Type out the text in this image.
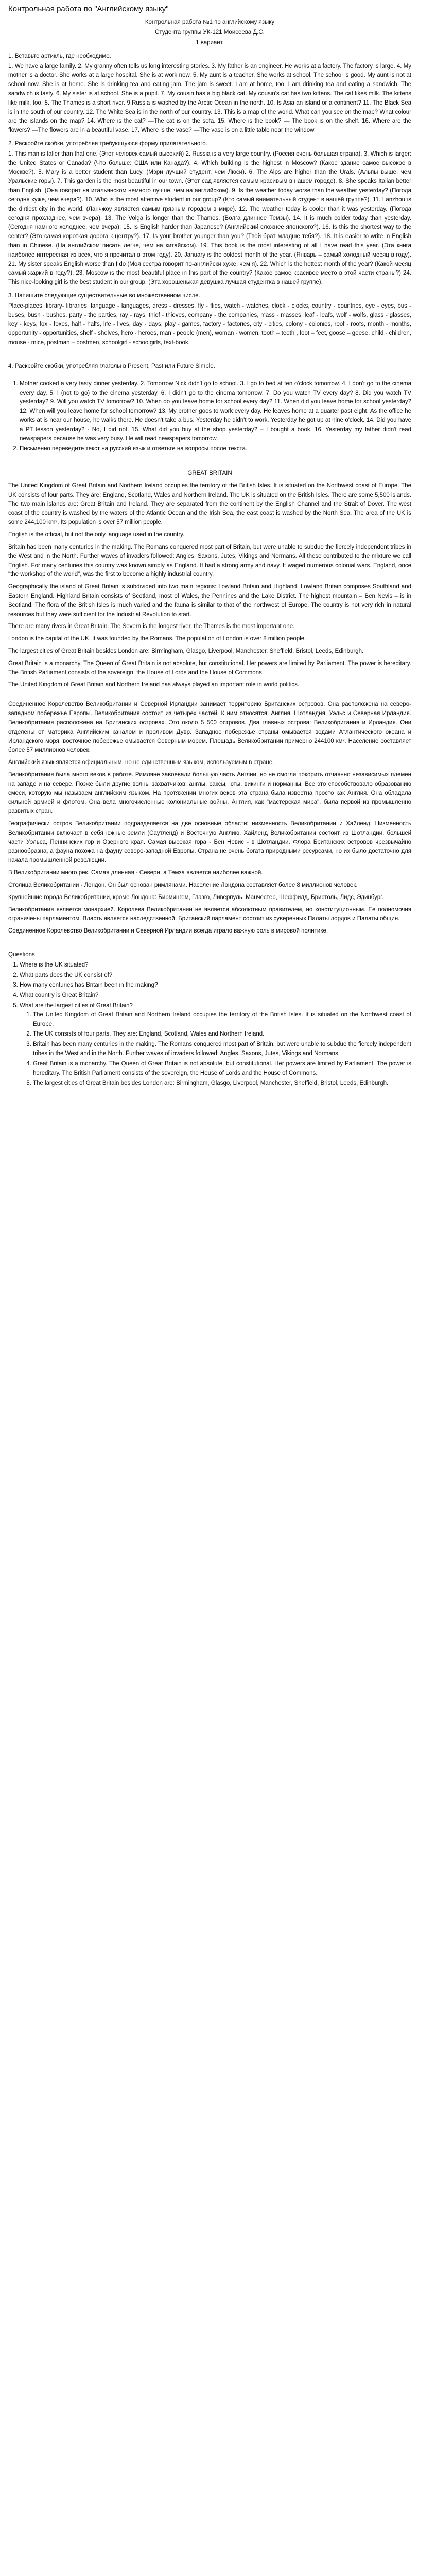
Контрольная работа по "Английскому языку"
Контрольная работа №1 по английскому языку
Студента группы УК-121 Моисеева Д.С.
1 вариант.
1. Вставьте артикль, где необходимо.

1. We have a large family. 2. My granny often tells us long interesting stories. 3. My father is an engineer. He works at a factory. The factory is large. 4. My mother is a doctor. She works at a large hospital. She is at work now. 5. My aunt is a teacher. She works at school. The school is good. My aunt is not at school now. She is at home. She is drinking tea and eating jam. The jam is sweet. I am at home, too. I am drinking tea and eating a sandwich. The sandwich is tasty. 6. My sister is at school. She is a pupil. 7. My cousin has a big black cat. My cousin's cat has two kittens. The cat likes milk. The kittens like milk, too. 8. The Thames is a short river. 9.Russia is washed by the Arctic Ocean in the north. 10. Is Asia an island or a continent? 11. The Black Sea is in the south of our country. 12. The White Sea is in the north of our country. 13. This is a map of the world. What can you see on the map? What colour are the islands on the map? 14. Where is the cat? —The cat is on the sofa. 15. Where is the book? — The book is on the shelf. 16. Where are the flowers? —The flowers are in a beautiful vase. 17. Where is the vase? —The vase is on a little table near the window.

2. Раскройте скобки, употребляя требующуюся форму прилагательного.

1. This man is taller than that one. (Этот человек самый высокий) 2. Russia is a very large country. (Россия очень большая страна). 3. Which is larger: the United States or Canada? (Что больше: США или Канада?). 4. Which building is the highest in Moscow? (Какое здание самое высокое в Москве?). 5. Mary is a better student than Lucy. (Мэри лучший студент, чем Люси). 6. The Alps are higher than the Urals. (Альпы выше, чем Уральские горы). 7. This garden is the most beautiful in our town. (Этот сад является самым красивым в нашем городе). 8. She speaks Italian better than English. (Она говорит на итальянском немного лучше, чем на английском). 9. Is the weather today worse than the weather yesterday? (Погода сегодня хуже, чем вчера?). 10. Who is the most attentive student in our group? (Кто самый внимательный студент в нашей группе?). 11. Lanzhou is the dirtiest city in the world. (Ланчжоу является самым грязным городом в мире). 12. The weather today is cooler than it was yesterday. (Погода сегодня прохладнее, чем вчера). 13. The Volga is longer than the Thames. (Волга длиннее Темзы). 14. It is much colder today than yesterday. (Сегодня намного холоднее, чем вчера). 15. Is English harder than Japanese? (Английский сложнее японского?). 16. Is this the shortest way to the center? (Это самая короткая дорога к центру?). 17. Is your brother younger than you? (Твой брат младше тебя?). 18. It is easier to write in English than in Chinese. (На английском писать легче, чем на китайском). 19. This book is the most interesting of all I have read this year. (Эта книга наиболее интересная из всех, что я прочитал в этом году). 20. January is the coldest month of the year. (Январь – самый холодный месяц в году). 21. My sister speaks English worse than I do (Моя сестра говорит по-английски хуже, чем я). 22. Which is the hottest month of the year? (Какой месяц самый жаркий в году?). 23. Moscow is the most beautiful place in this part of the country? (Какое самое красивое место в этой части страны?) 24. This nice-looking girl is the best student in our group. (Эта хорошенькая девушка лучшая студентка в нашей группе).

3. Напишите следующие существительные во множественном числе.

Place-places, library- libraries, language - languages, dress - dresses, fly - flies, watch - watches, clock - clocks, country - countries, eye - eyes, bus - buses, bush - bushes, party - the parties, ray - rays, thief - thieves, company - the companies, mass - masses, leaf - leafs, wolf - wolfs, glass - glasses, key - keys, fox - foxes, half - halfs, life - lives, day - days, play - games, factory - factories, city - cities, colony - colonies, roof - roofs, month - months, opportunity - opportunities, shelf - shelves, hero - heroes, man - people (men), woman - women, tooth – teeth , foot – feet, goose – geese, child - children, mouse - mice, postman – postmen, schoolgirl - schoolgirls, text-book.

4. Раскройте скобки, употребляя глаголы в Present, Past или Future Simple.
1. Mother cooked a very tasty dinner yesterday. 2. Tomorrow Nick didn't go to school. 3. I go to bed at ten o'clock tomorrow. 4. I don't go to the cinema every day. 5. I (not to go) to the cinema yesterday. 6. I didn't go to the cinema tomorrow. 7. Do you watch TV every day? 8. Did you watch TV yesterday? 9. Will you watch TV tomorrow? 10. When do you leave home for school every day? 11. When did you leave home for school yesterday? 12. When will you leave home for school tomorrow? 13. My brother goes to work every day. He leaves home at a quarter past eight. As the office he works at is near our house, he walks there. He doesn't take a bus. Yesterday he didn't to work. Yesterday he got up at nine o'clock. 14. Did you have a PT lesson yesterday? - No, I did not. 15. What did you buy at the shop yesterday? – I bought a book. 16. Yesterday my father didn't read newspapers because he was very busy. He will read newspapers tomorrow.
2. Письменно переведите текст на русский язык и ответьте на вопросы после текста.
GREAT BRITAIN

The United Kingdom of Great Britain and Northern Ireland occupies the territory of the British Isles. It is situated on the Northwest coast of Europe. The UK consists of four parts. They are: England, Scotland, Wales and Northern Ireland. The UK is situated on the British Isles. There are some 5,500 islands. The two main islands are: Great Britain and Ireland. They are separated from the continent by the English Channel and the Strait of Dover. The west coast of the country is washed by the waters of the Atlantic Ocean and the Irish Sea, the east coast is washed by the North Sea. The area of the UK is some 244,100 km². Its population is over 57 million people.

English is the official, but not the only language used in the country.

Britain has been many centuries in the making. The Romans conquered most part of Britain, but were unable to subdue the fiercely independent tribes in the West and in the North. Further waves of invaders followed: Angles, Saxons, Jutes, Vikings and Normans. All these contributed to the mixture we call English. For many centuries this country was known simply as England. It had a strong army and navy. It waged numerous colonial wars. England, once "the workshop of the world", was the first to become a highly industrial country.

Geographically the island of Great Britain is subdivided into two main regions: Lowland Britain and Highland. Lowland Britain comprises Southland and Eastern England. Highland Britain consists of Scotland, most of Wales, the Pennines and the Lake District. The highest mountain – Ben Nevis – is in Scotland. The flora of the British Isles is much varied and the fauna is similar to that of the northwest of Europe. The country is not very rich in natural resources but they were sufficient for the Industrial Revolution to start.

There are many rivers in Great Britain. The Severn is the longest river, the Thames is the most important one.

London is the capital of the UK. It was founded by the Romans. The population of London is over 8 million people.

The largest cities of Great Britain besides London are: Birmingham, Glasgo, Liverpool, Manchester, Sheffield, Bristol, Leeds, Edinburgh.

Great Britain is a monarchy. The Queen of Great Britain is not absolute, but constitutional. Her powers are limited by Parliament. The power is hereditary. The British Parliament consists of the sovereign, the House of Lords and the House of Commons.

The United Kingdom of Great Britain and Northern Ireland has always played an important role in world politics.

Соединенное Королевство Великобритании и Северной Ирландии занимает территорию Британских островов. Она расположена на северо-западном побережье Европы. Великобритания состоит из четырех частей. К ним относятся: Англия, Шотландия, Уэльс и Северная Ирландия. Великобритания расположена на Британских островах. Это около 5 500 островов. Два главных острова: Великобритания и Ирландия. Они отделены от материка Английским каналом и проливом Дувр. Западное побережье страны омывается водами Атлантического океана и Ирландского моря, восточное побережье омывается Северным морем. Площадь Великобритании примерно 244100 км². Население составляет более 57 миллионов человек.

Английский язык является официальным, но не единственным языком, используемым в стране.

Великобритания была много веков в работе. Римляне завоевали большую часть Англии, но не смогли покорить отчаянно независимых племен на западе и на севере. Позже были другие волны захватчиков: англы, саксы, юты, викинги и норманны. Все это способствовало образованию смеси, которую мы называем английским языком. На протяжении многих веков эта страна была известна просто как Англия. Она обладала сильной армией и флотом. Она вела многочисленные колониальные войны. Англия, как "мастерская мира", была первой из промышленно развитых стран.

Географически остров Великобритании подразделяется на две основные области: низменность Великобритании и Хайленд. Низменность Великобритании включает в себя южные земли (Саутленд) и Восточную Англию. Хайленд Великобритании состоит из Шотландии, большей части Уэльса, Пеннинских гор и Озерного края. Самая высокая гора - Бен Невис - в Шотландии. Флора Британских островов чрезвычайно разнообразна, а фауна похожа на фауну северо-западной Европы. Страна не очень богата природными ресурсами, но их было достаточно для начала промышленной революции.

В Великобритании много рек. Самая длинная - Северн, а Темза является наиболее важной.

Столица Великобритании - Лондон. Он был основан римлянами. Население Лондона составляет более 8 миллионов человек.

Крупнейшие города Великобритании, кроме Лондона: Бирмингем, Глазго, Ливерпуль, Манчестер, Шеффилд, Бристоль, Лидс, Эдинбург.

Великобритания является монархией. Королева Великобритании не является абсолютным правителем, но конституционным. Ее полномочия ограничены парламентом. Власть является наследственной. Британский парламент состоит из суверенных Палаты лордов и Палаты общин.

Соединенное Королевство Великобритании и Северной Ирландии всегда играло важную роль в мировой политике.

Questions
1. Where is the UK situated?
2. What parts does the UK consist of?
3. How many centuries has Britain been in the making?
4. What country is Great Britain?
5. What are the largest cities of Great Britain?
1. The United Kingdom of Great Britain and Northern Ireland occupies the territory of the British Isles. It is situated on the Northwest coast of Europe.
2. The UK consists of four parts. They are: England, Scotland, Wales and Northern Ireland.
3. Britain has been many centuries in the making. The Romans conquered most part of Britain, but were unable to subdue the fiercely independent tribes in the West and in the North. Further waves of invaders followed: Angles, Saxons, Jutes, Vikings and Normans.
4. Great Britain is a monarchy. The Queen of Great Britain is not absolute, but constitutional. Her powers are limited by Parliament. The power is hereditary. The British Parliament consists of the sovereign, the House of Lords and the House of Commons.
5. The largest cities of Great Britain besides London are: Birmingham, Glasgo, Liverpool, Manchester, Sheffield, Bristol, Leeds, Edinburgh.
